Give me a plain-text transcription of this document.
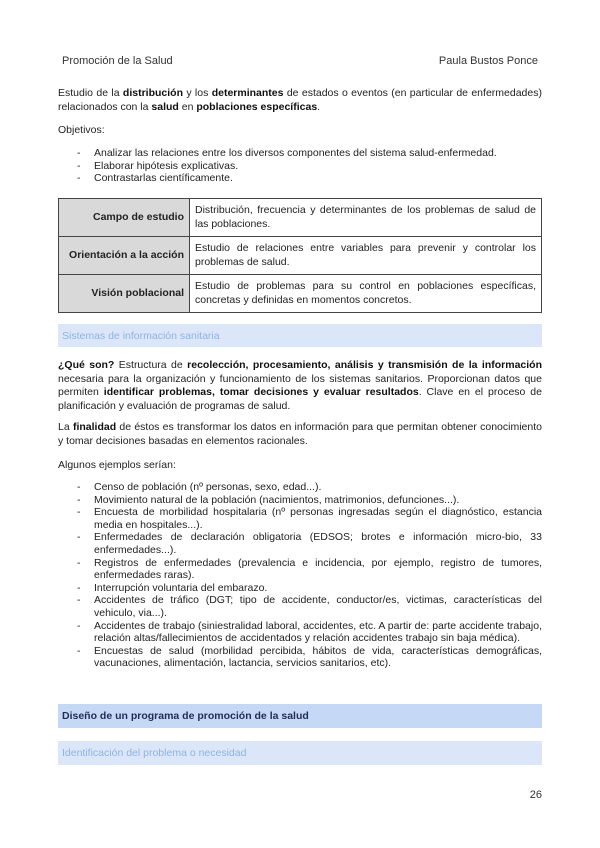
Promoción de la Salud	Paula Bustos Ponce
Estudio de la distribución y los determinantes de estados o eventos (en particular de enfermedades) relacionados con la salud en poblaciones específicas.
Objetivos:
- Analizar las relaciones entre los diversos componentes del sistema salud-enfermedad.
- Elaborar hipótesis explicativas.
- Contrastarlas científicamente.
Campo de estudio	Distribución, frecuencia y determinantes de los problemas de salud de las poblaciones.
Orientación a la acción	Estudio de relaciones entre variables para prevenir y controlar los problemas de salud.
Visión poblacional	Estudio de problemas para su control en poblaciones específicas, concretas y definidas en momentos concretos.
Sistemas de información sanitaria
¿Qué son? Estructura de recolección, procesamiento, análisis y transmisión de la información necesaria para la organización y funcionamiento de los sistemas sanitarios. Proporcionan datos que permiten identificar problemas, tomar decisiones y evaluar resultados. Clave en el proceso de planificación y evaluación de programas de salud.
La finalidad de éstos es transformar los datos en información para que permitan obtener conocimiento y tomar decisiones basadas en elementos racionales.
Algunos ejemplos serían:
- Censo de población (nº personas, sexo, edad...).
- Movimiento natural de la población (nacimientos, matrimonios, defunciones...).
- Encuesta de morbilidad hospitalaria (nº personas ingresadas según el diagnóstico, estancia media en hospitales...).
- Enfermedades de declaración obligatoria (EDSOS; brotes e información micro-bio, 33 enfermedades...).
- Registros de enfermedades (prevalencia e incidencia, por ejemplo, registro de tumores, enfermedades raras).
- Interrupción voluntaria del embarazo.
- Accidentes de tráfico (DGT; tipo de accidente, conductor/es, victimas, características del vehiculo, via...).
- Accidentes de trabajo (siniestralidad laboral, accidentes, etc. A partir de: parte accidente trabajo, relación altas/fallecimientos de accidentados y relación accidentes trabajo sin baja médica).
- Encuestas de salud (morbilidad percibida, hábitos de vida, características demográficas, vacunaciones, alimentación, lactancia, servicios sanitarios, etc).
Diseño de un programa de promoción de la salud
Identificación del problema o necesidad
26
